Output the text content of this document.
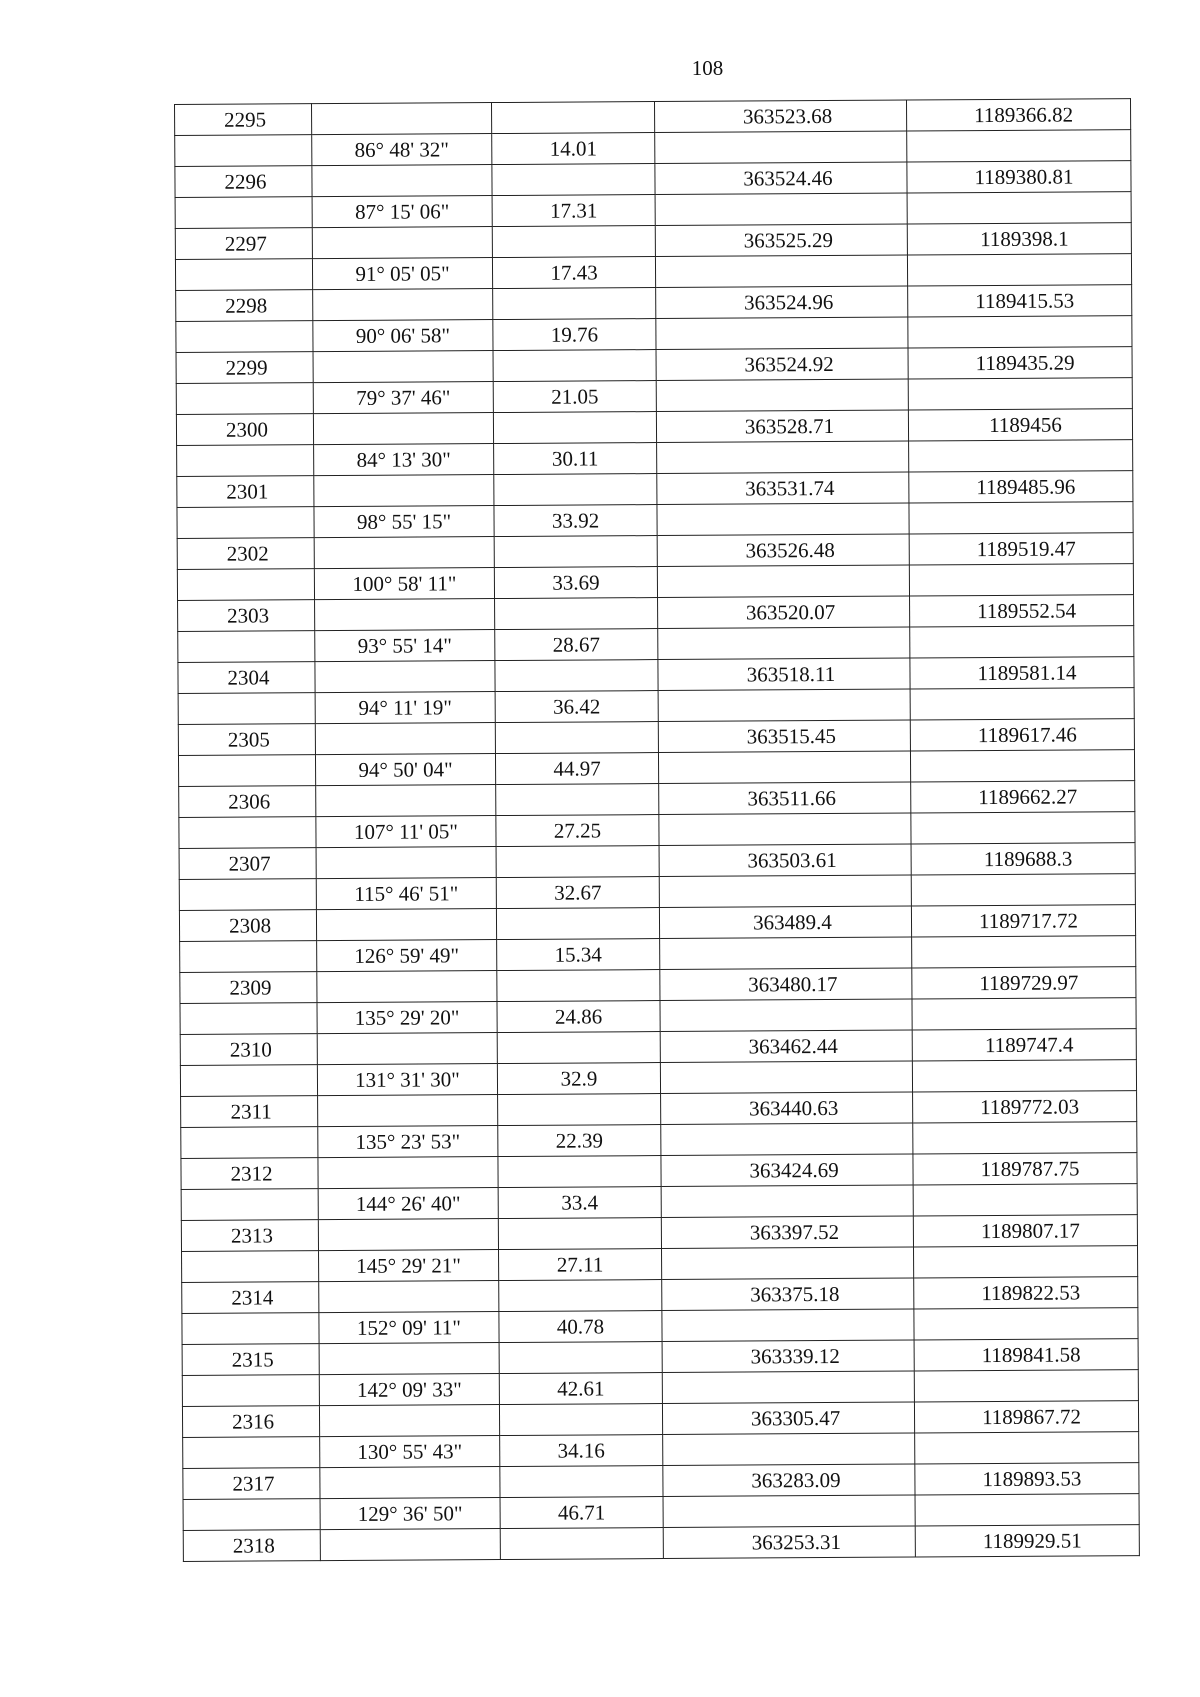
108
2295			363523.68	1189366.82
	86° 48' 32"	14.01		
2296			363524.46	1189380.81
	87° 15' 06"	17.31		
2297			363525.29	1189398.1
	91° 05' 05"	17.43		
2298			363524.96	1189415.53
	90° 06' 58"	19.76		
2299			363524.92	1189435.29
	79° 37' 46"	21.05		
2300			363528.71	1189456
	84° 13' 30"	30.11		
2301			363531.74	1189485.96
	98° 55' 15"	33.92		
2302			363526.48	1189519.47
	100° 58' 11"	33.69		
2303			363520.07	1189552.54
	93° 55' 14"	28.67		
2304			363518.11	1189581.14
	94° 11' 19"	36.42		
2305			363515.45	1189617.46
	94° 50' 04"	44.97		
2306			363511.66	1189662.27
	107° 11' 05"	27.25		
2307			363503.61	1189688.3
	115° 46' 51"	32.67		
2308			363489.4	1189717.72
	126° 59' 49"	15.34		
2309			363480.17	1189729.97
	135° 29' 20"	24.86		
2310			363462.44	1189747.4
	131° 31' 30"	32.9		
2311			363440.63	1189772.03
	135° 23' 53"	22.39		
2312			363424.69	1189787.75
	144° 26' 40"	33.4		
2313			363397.52	1189807.17
	145° 29' 21"	27.11		
2314			363375.18	1189822.53
	152° 09' 11"	40.78		
2315			363339.12	1189841.58
	142° 09' 33"	42.61		
2316			363305.47	1189867.72
	130° 55' 43"	34.16		
2317			363283.09	1189893.53
	129° 36' 50"	46.71		
2318			363253.31	1189929.51
